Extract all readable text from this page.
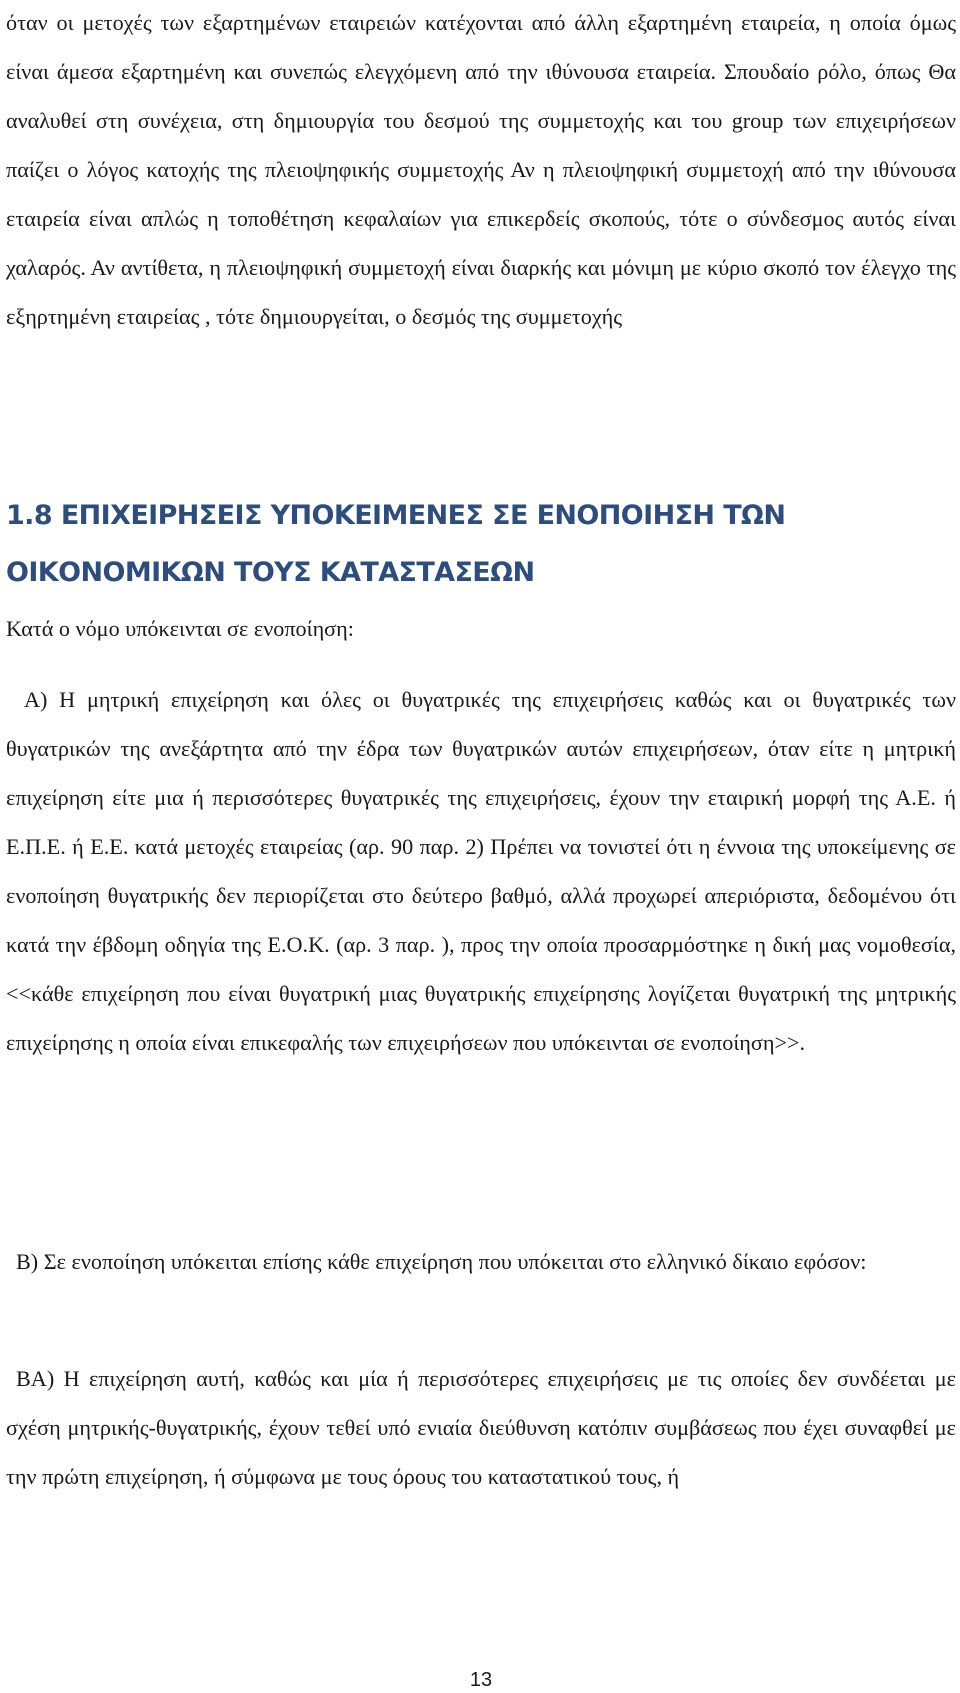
όταν οι μετοχές των εξαρτημένων εταιρειών κατέχονται από άλλη εξαρτημένη εταιρεία, η οποία όμως είναι άμεσα εξαρτημένη και συνεπώς ελεγχόμενη από την ιθύνουσα εταιρεία. Σπουδαίο ρόλο, όπως Θα αναλυθεί στη συνέχεια, στη δημιουργία του δεσμού της συμμετοχής και του group των επιχειρήσεων παίζει ο λόγος κατοχής της πλειοψηφικής συμμετοχής Αν η πλειοψηφική συμμετοχή από την ιθύνουσα εταιρεία είναι απλώς η τοποθέτηση κεφαλαίων για επικερδείς σκοπούς, τότε ο σύνδεσμος αυτός είναι χαλαρός. Αν αντίθετα, η πλειοψηφική συμμετοχή είναι διαρκής και μόνιμη με κύριο σκοπό τον έλεγχο της εξηρτημένη εταιρείας , τότε δημιουργείται, ο δεσμός της συμμετοχής

1.8 ΕΠΙΧΕΙΡΗΣΕΙΣ ΥΠΟΚΕΙΜΕΝΕΣ ΣΕ ΕΝΟΠΟΙΗΣΗ ΤΩΝ ΟΙΚΟΝΟΜΙΚΩΝ ΤΟΥΣ ΚΑΤΑΣΤΑΣΕΩΝ

Κατά ο νόμο υπόκεινται σε ενοποίηση:

Α) Η μητρική επιχείρηση και όλες οι θυγατρικές της επιχειρήσεις καθώς και οι θυγατρικές των θυγατρικών της ανεξάρτητα από την έδρα των θυγατρικών αυτών επιχειρήσεων, όταν είτε η μητρική επιχείρηση είτε μια ή περισσότερες θυγατρικές της επιχειρήσεις, έχουν την εταιρική μορφή της Α.Ε. ή Ε.Π.Ε. ή Ε.Ε. κατά μετοχές εταιρείας (αρ. 90 παρ. 2) Πρέπει να τονιστεί ότι η έννοια της υποκείμενης σε ενοποίηση θυγατρικής δεν περιορίζεται στο δεύτερο βαθμό, αλλά προχωρεί απεριόριστα, δεδομένου ότι κατά την έβδομη οδηγία της Ε.Ο.Κ. (αρ. 3 παρ. ), προς την οποία προσαρμόστηκε η δική μας νομοθεσία, <<κάθε επιχείρηση που είναι θυγατρική μιας θυγατρικής επιχείρησης λογίζεται θυγατρική της μητρικής επιχείρησης η οποία είναι επικεφαλής των επιχειρήσεων που υπόκεινται σε ενοποίηση>>.

Β) Σε ενοποίηση υπόκειται επίσης κάθε επιχείρηση που υπόκειται στο ελληνικό δίκαιο εφόσον:

ΒΑ) Η επιχείρηση αυτή, καθώς και μία ή περισσότερες επιχειρήσεις με τις οποίες δεν συνδέεται με σχέση μητρικής-θυγατρικής, έχουν τεθεί υπό ενιαία διεύθυνση κατόπιν συμβάσεως που έχει συναφθεί με την πρώτη επιχείρηση, ή σύμφωνα με τους όρους του καταστατικού τους, ή

13
